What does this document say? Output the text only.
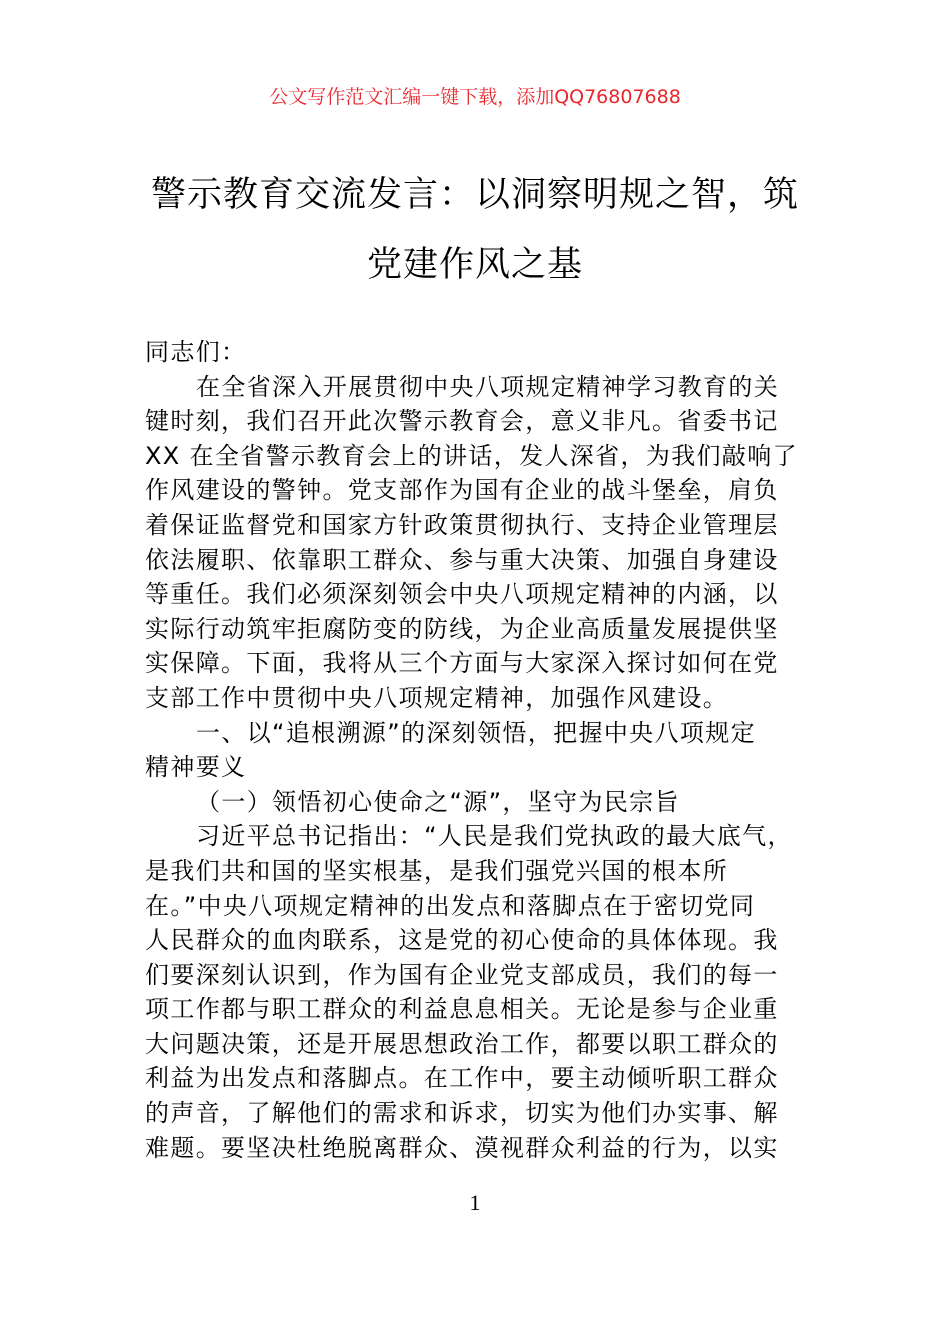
公文写作范文汇编一键下载，添加QQ76807688
警示教育交流发言：以洞察明规之智，筑
党建作风之基
同志们：
在全省深入开展贯彻中央八项规定精神学习教育的关
键时刻，我们召开此次警示教育会，意义非凡。省委书记
XX 在全省警示教育会上的讲话，发人深省，为我们敲响了
作风建设的警钟。党支部作为国有企业的战斗堡垒，肩负
着保证监督党和国家方针政策贯彻执行、支持企业管理层
依法履职、依靠职工群众、参与重大决策、加强自身建设
等重任。我们必须深刻领会中央八项规定精神的内涵，以
实际行动筑牢拒腐防变的防线，为企业高质量发展提供坚
实保障。下面，我将从三个方面与大家深入探讨如何在党
支部工作中贯彻中央八项规定精神，加强作风建设。
一、以“追根溯源”的深刻领悟，把握中央八项规定
精神要义
（一）领悟初心使命之“源”，坚守为民宗旨
习近平总书记指出：“人民是我们党执政的最大底气，
是我们共和国的坚实根基，是我们强党兴国的根本所
在。”中央八项规定精神的出发点和落脚点在于密切党同
人民群众的血肉联系，这是党的初心使命的具体体现。我
们要深刻认识到，作为国有企业党支部成员，我们的每一
项工作都与职工群众的利益息息相关。无论是参与企业重
大问题决策，还是开展思想政治工作，都要以职工群众的
利益为出发点和落脚点。在工作中，要主动倾听职工群众
的声音，了解他们的需求和诉求，切实为他们办实事、解
难题。要坚决杜绝脱离群众、漠视群众利益的行为，以实
1
